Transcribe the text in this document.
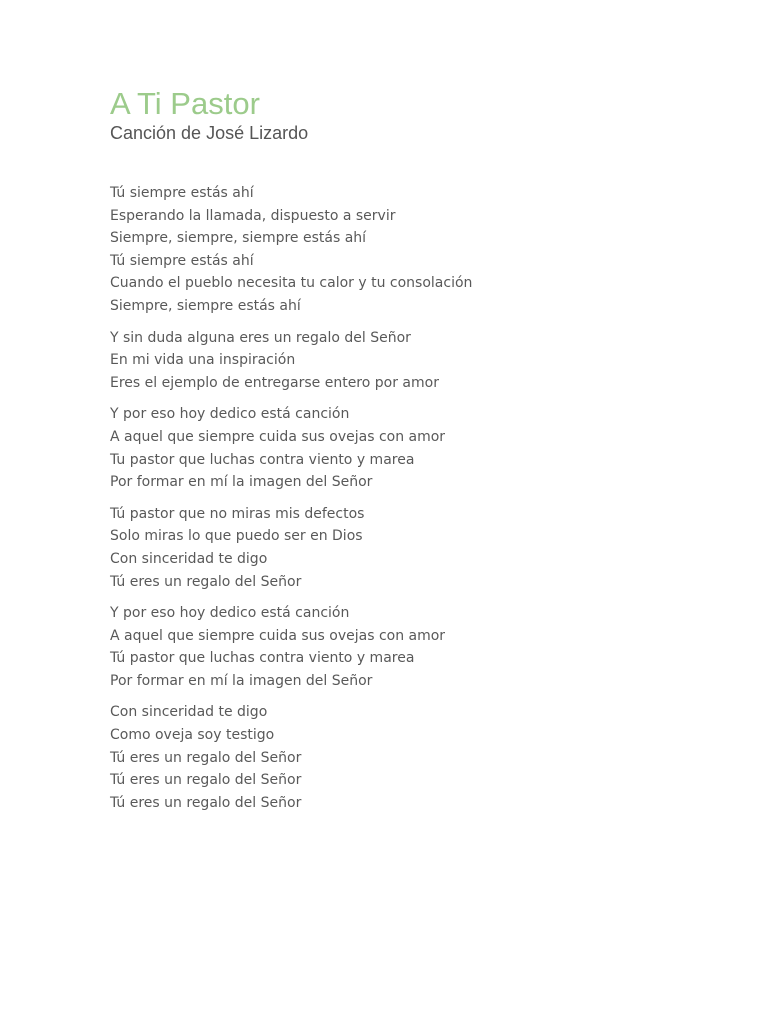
A Ti Pastor
Canción de José Lizardo
Tú siempre estás ahí
Esperando la llamada, dispuesto a servir
Siempre, siempre, siempre estás ahí
Tú siempre estás ahí
Cuando el pueblo necesita tu calor y tu consolación
Siempre, siempre estás ahí
Y sin duda alguna eres un regalo del Señor
En mi vida una inspiración
Eres el ejemplo de entregarse entero por amor
Y por eso hoy dedico está canción
A aquel que siempre cuida sus ovejas con amor
Tu pastor que luchas contra viento y marea
Por formar en mí la imagen del Señor
Tú pastor que no miras mis defectos
Solo miras lo que puedo ser en Dios
Con sinceridad te digo
Tú eres un regalo del Señor
Y por eso hoy dedico está canción
A aquel que siempre cuida sus ovejas con amor
Tú pastor que luchas contra viento y marea
Por formar en mí la imagen del Señor
Con sinceridad te digo
Como oveja soy testigo
Tú eres un regalo del Señor
Tú eres un regalo del Señor
Tú eres un regalo del Señor
